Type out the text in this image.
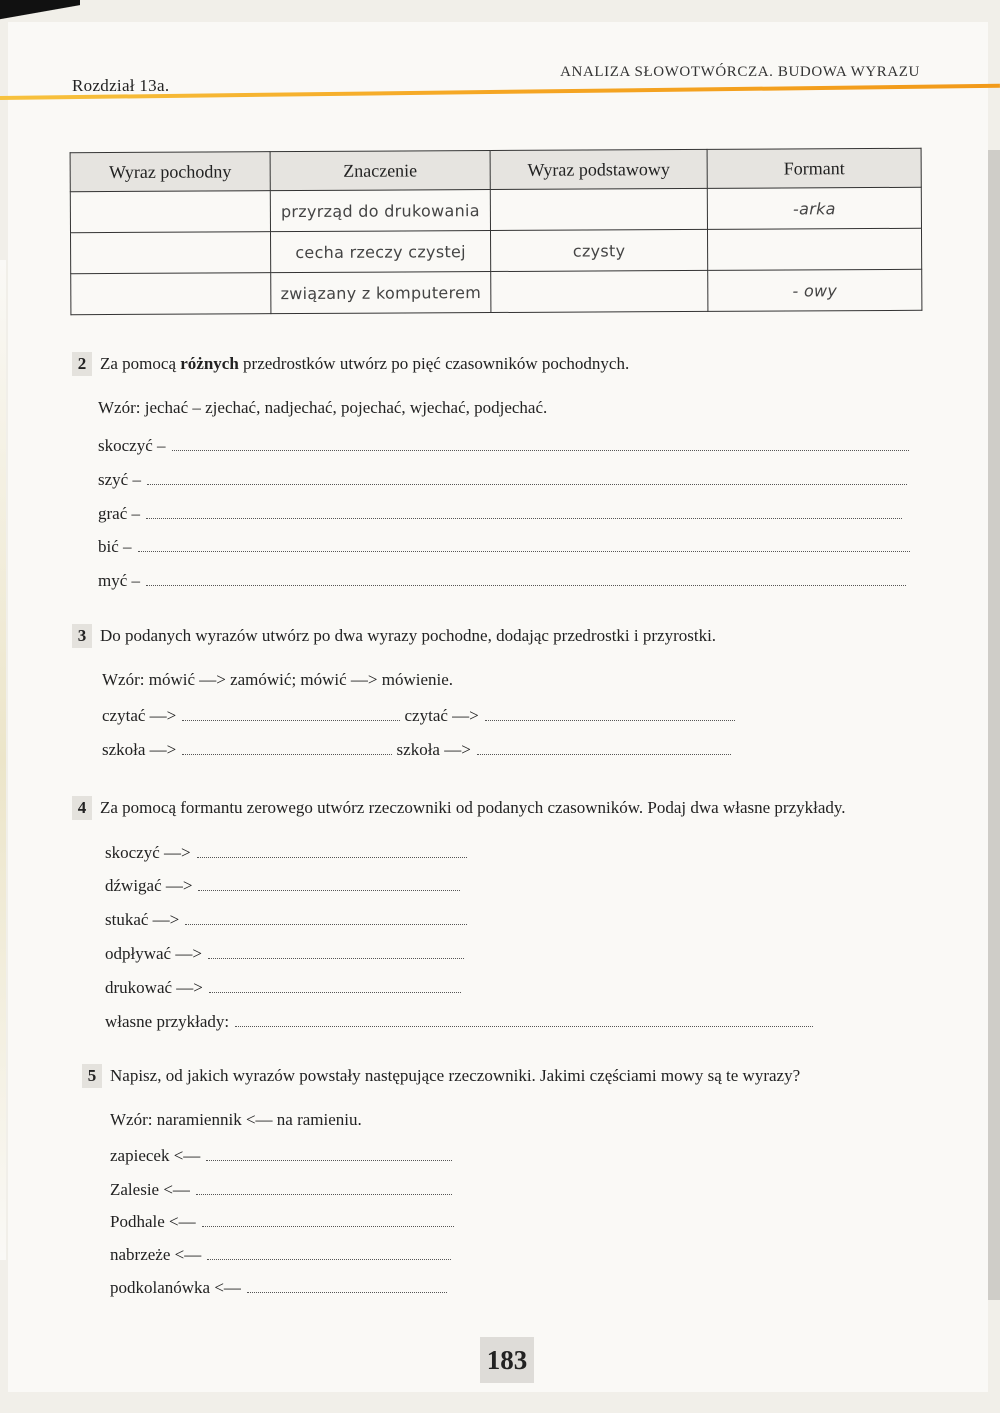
Rozdział 13a.
ANALIZA SŁOWOTWÓRCZA. BUDOWA WYRAZU
Wyraz pochodny	Znaczenie	Wyraz podstawowy	Formant
	przyrząd do drukowania		-arka
	cecha rzeczy czystej	czysty	
	związany z komputerem		- owy
2 Za pomocą różnych przedrostków utwórz po pięć czasowników pochodnych.
Wzór: jechać – zjechać, nadjechać, pojechać, wjechać, podjechać.
skoczyć –
szyć –
grać –
bić –
myć –
3 Do podanych wyrazów utwórz po dwa wyrazy pochodne, dodając przedrostki i przyrostki.
Wzór: mówić —> zamówić; mówić —> mówienie.
czytać —>	czytać —>
szkoła —>	szkoła —>
4 Za pomocą formantu zerowego utwórz rzeczowniki od podanych czasowników. Podaj dwa własne przykłady.
skoczyć —>
dźwigać —>
stukać —>
odpływać —>
drukować —>
własne przykłady:
5 Napisz, od jakich wyrazów powstały następujące rzeczowniki. Jakimi częściami mowy są te wyrazy?
Wzór: naramiennik <— na ramieniu.
zapiecek <—
Zalesie <—
Podhale <—
nabrzeże <—
podkolanówka <—
183
